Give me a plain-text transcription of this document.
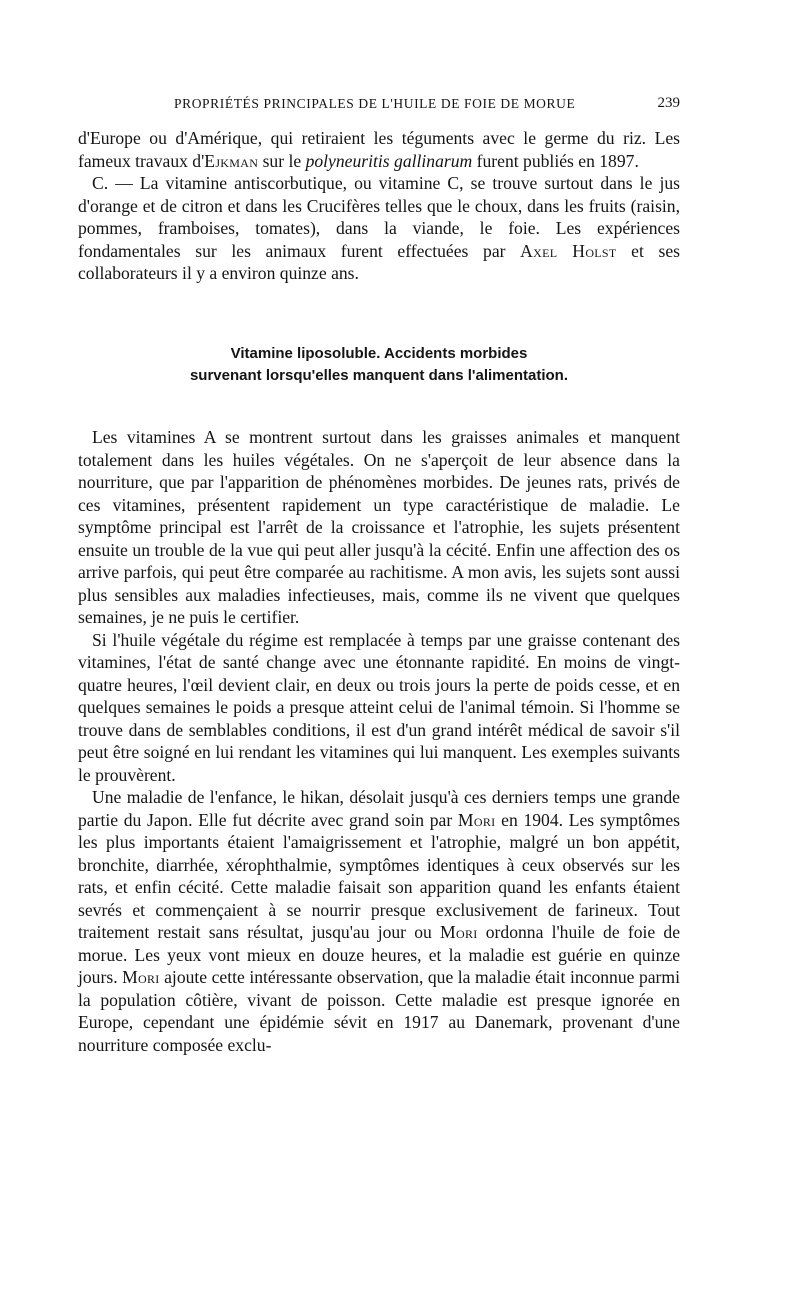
PROPRIÉTÉS PRINCIPALES DE L'HUILE DE FOIE DE MORUE	239

d'Europe ou d'Amérique, qui retiraient les téguments avec le germe du riz. Les fameux travaux d'Ejkman sur le polyneuritis gallinarum furent publiés en 1897.

C. — La vitamine antiscorbutique, ou vitamine C, se trouve surtout dans le jus d'orange et de citron et dans les Crucifères telles que le choux, dans les fruits (raisin, pommes, framboises, tomates), dans la viande, le foie. Les expériences fondamentales sur les animaux furent effectuées par Axel Holst et ses collaborateurs il y a environ quinze ans.

Vitamine liposoluble. Accidents morbides
survenant lorsqu'elles manquent dans l'alimentation.

Les vitamines A se montrent surtout dans les graisses animales et manquent totalement dans les huiles végétales. On ne s'aperçoit de leur absence dans la nourriture, que par l'apparition de phénomènes morbides. De jeunes rats, privés de ces vitamines, présentent rapidement un type caractéristique de maladie. Le symptôme principal est l'arrêt de la croissance et l'atrophie, les sujets présentent ensuite un trouble de la vue qui peut aller jusqu'à la cécité. Enfin une affection des os arrive parfois, qui peut être comparée au rachitisme. A mon avis, les sujets sont aussi plus sensibles aux maladies infectieuses, mais, comme ils ne vivent que quelques semaines, je ne puis le certifier.

Si l'huile végétale du régime est remplacée à temps par une graisse contenant des vitamines, l'état de santé change avec une étonnante rapidité. En moins de vingt-quatre heures, l'œil devient clair, en deux ou trois jours la perte de poids cesse, et en quelques semaines le poids a presque atteint celui de l'animal témoin. Si l'homme se trouve dans de semblables conditions, il est d'un grand intérêt médical de savoir s'il peut être soigné en lui rendant les vitamines qui lui manquent. Les exemples suivants le prouvèrent.

Une maladie de l'enfance, le hikan, désolait jusqu'à ces derniers temps une grande partie du Japon. Elle fut décrite avec grand soin par Mori en 1904. Les symptômes les plus importants étaient l'amaigrissement et l'atrophie, malgré un bon appétit, bronchite, diarrhée, xérophthalmie, symptômes identiques à ceux observés sur les rats, et enfin cécité. Cette maladie faisait son apparition quand les enfants étaient sevrés et commençaient à se nourrir presque exclusivement de farineux. Tout traitement restait sans résultat, jusqu'au jour ou Mori ordonna l'huile de foie de morue. Les yeux vont mieux en douze heures, et la maladie est guérie en quinze jours. Mori ajoute cette intéressante observation, que la maladie était inconnue parmi la population côtière, vivant de poisson. Cette maladie est presque ignorée en Europe, cependant une épidémie sévit en 1917 au Danemark, provenant d'une nourriture composée exclu-
